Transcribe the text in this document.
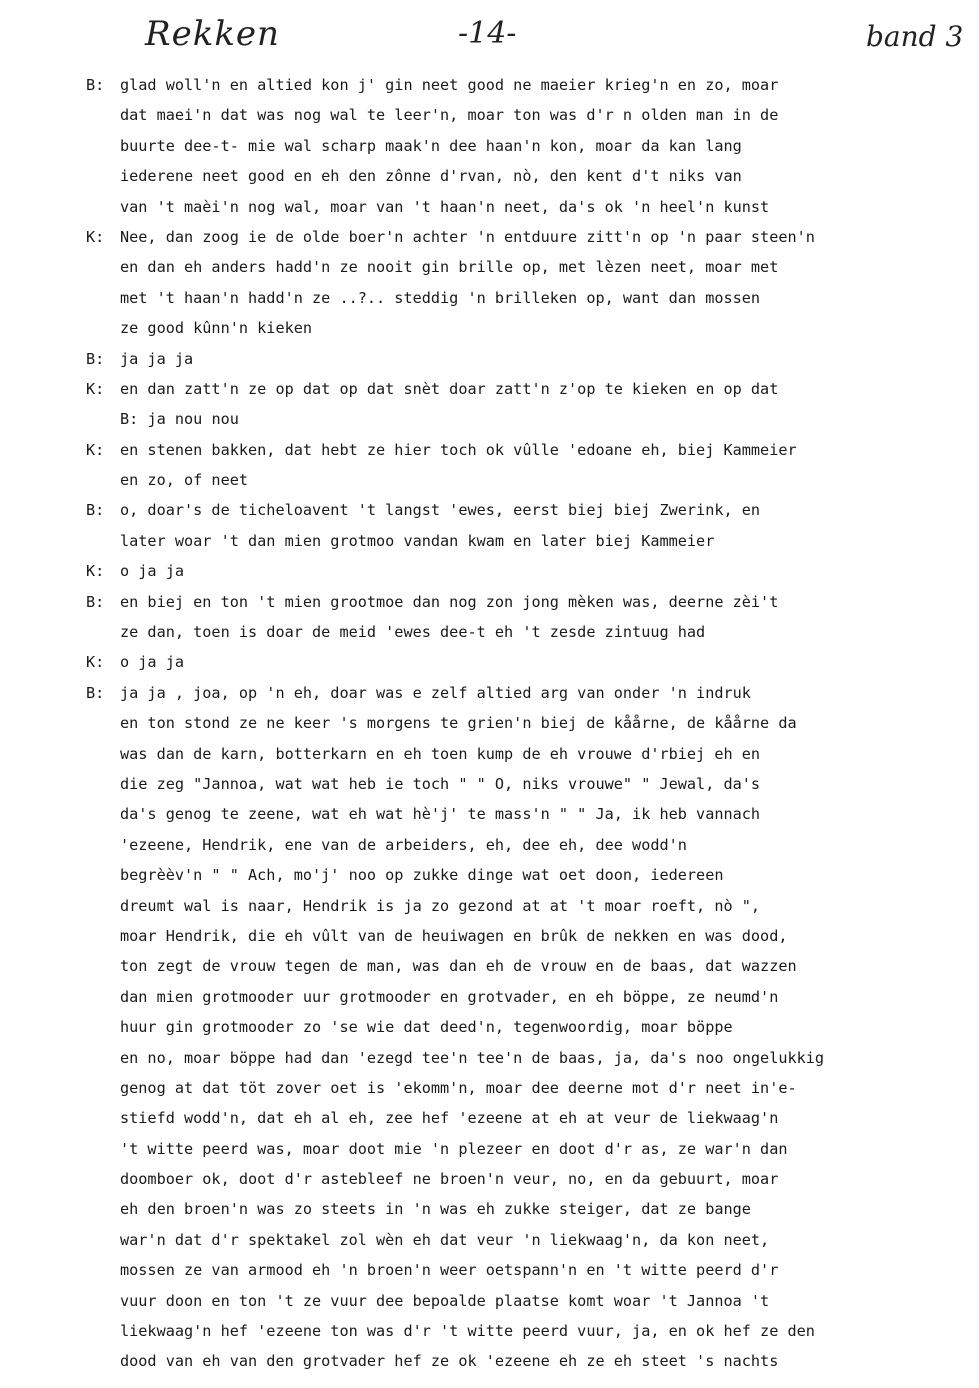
Rekken	-14-	band 3
B: glad woll'n en altied kon j' gin neet good ne maeier krieg'n en zo, moar
dat maei'n dat was nog wal te leer'n, moar ton was d'r n olden man in de
buurte dee-t- mie wal scharp maak'n dee haan'n kon, moar da kan lang
iederene neet good en eh den zônne d'rvan, nò, den kent d't niks van
van 't maèi'n nog wal, moar van 't haan'n neet, da's ok 'n heel'n kunst
K: Nee, dan zoog ie de olde boer'n achter 'n entduure zitt'n op 'n paar steen'n
en dan eh anders hadd'n ze nooit gin brille op, met lèzen neet, moar met
met 't haan'n hadd'n ze ..?.. steddig 'n brilleken op, want dan mossen
ze good kûnn'n kieken
B: ja ja ja
K: en dan zatt'n ze op dat op dat snèt doar zatt'n z'op te kieken en op dat
B: ja nou nou
K: en stenen bakken, dat hebt ze hier toch ok vûlle 'edoane eh, biej Kammeier
en zo, of neet
B: o, doar's de ticheloavent 't langst 'ewes, eerst biej biej Zwerink, en
later woar 't dan mien grotmoo vandan kwam en later biej Kammeier
K: o ja ja
B: en biej en ton 't mien grootmoe dan nog zon jong mèken was, deerne zèi't
ze dan, toen is doar de meid 'ewes dee-t eh 't zesde zintuug had
K: o ja ja
B: ja ja , joa, op 'n eh, doar was e zelf altied arg van onder 'n indruk
en ton stond ze ne keer 's morgens te grien'n biej de kåårne, de kåårne da
was dan de karn, botterkarn en eh toen kump de eh vrouwe d'rbiej eh en
die zeg "Jannoa, wat wat heb ie toch " " O, niks vrouwe" " Jewal, da's
da's genog te zeene, wat eh wat hè'j' te mass'n " " Ja, ik heb vannach
'ezeene, Hendrik, ene van de arbeiders, eh, dee eh, dee wodd'n
begrèèv'n " " Ach, mo'j' noo op zukke dinge wat oet doon, iedereen
dreumt wal is naar, Hendrik is ja zo gezond at at 't moar roeft, nò ",
moar Hendrik, die eh vûlt van de heuiwagen en brûk de nekken en was dood,
ton zegt de vrouw tegen de man, was dan eh de vrouw en de baas, dat wazzen
dan mien grotmooder uur grotmooder en grotvader, en eh böppe, ze neumd'n
huur gin grotmooder zo 'se wie dat deed'n, tegenwoordig, moar böppe
en no, moar böppe had dan 'ezegd tee'n tee'n de baas, ja, da's noo ongelukkig
genog at dat töt zover oet is 'ekomm'n, moar dee deerne mot d'r neet in'e-
stiefd wodd'n, dat eh al eh, zee hef 'ezeene at eh at veur de liekwaag'n
't witte peerd was, moar doot mie 'n plezeer en doot d'r as, ze war'n dan
doomboer ok, doot d'r astebleef ne broen'n veur, no, en da gebuurt, moar
eh den broen'n was zo steets in 'n was eh zukke steiger, dat ze bange
war'n dat d'r spektakel zol wèn eh dat veur 'n liekwaag'n, da kon neet,
mossen ze van armood eh 'n broen'n weer oetspann'n en 't witte peerd d'r
vuur doon en ton 't ze vuur dee bepoalde plaatse komt woar 't Jannoa 't
liekwaag'n hef 'ezeene ton was d'r 't witte peerd vuur, ja, en ok hef ze den
dood van eh van den grotvader hef ze ok 'ezeene eh ze eh steet 's nachts
